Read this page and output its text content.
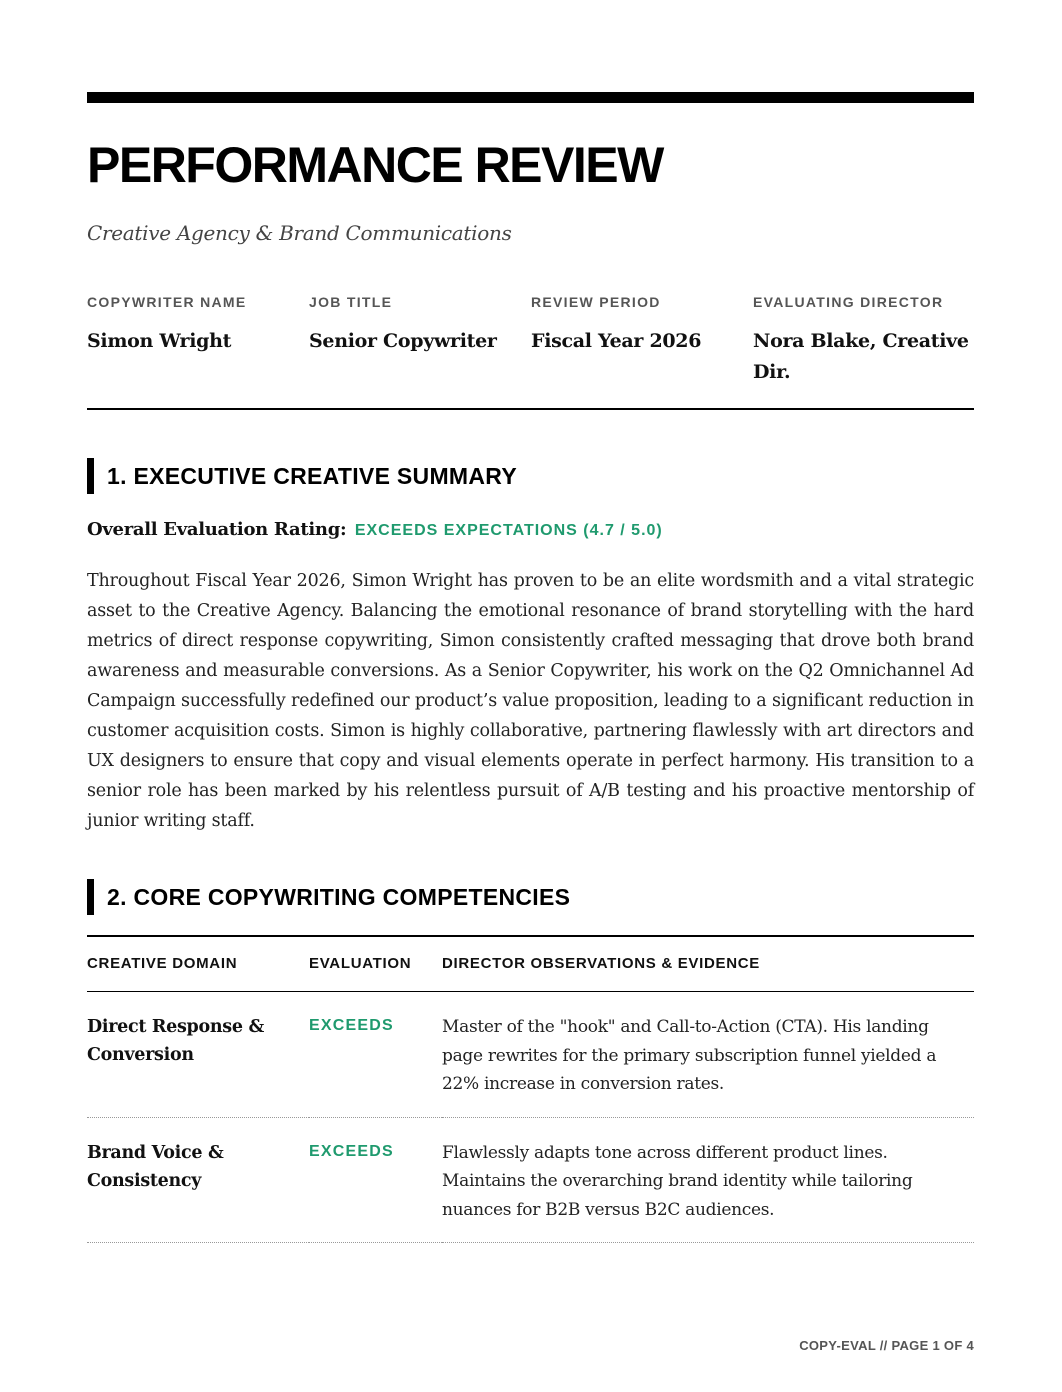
PERFORMANCE REVIEW
Creative Agency & Brand Communications
COPYWRITER NAME
Simon Wright
JOB TITLE
Senior Copywriter
REVIEW PERIOD
Fiscal Year 2026
EVALUATING DIRECTOR
Nora Blake, Creative Dir.
1. EXECUTIVE CREATIVE SUMMARY
Overall Evaluation Rating: EXCEEDS EXPECTATIONS (4.7 / 5.0)

Throughout Fiscal Year 2026, Simon Wright has proven to be an elite wordsmith and a vital strategic asset to the Creative Agency. Balancing the emotional resonance of brand storytelling with the hard metrics of direct response copywriting, Simon consistently crafted messaging that drove both brand awareness and measurable conversions. As a Senior Copywriter, his work on the Q2 Omnichannel Ad Campaign successfully redefined our product’s value proposition, leading to a significant reduction in customer acquisition costs. Simon is highly collaborative, partnering flawlessly with art directors and UX designers to ensure that copy and visual elements operate in perfect harmony. His transition to a senior role has been marked by his relentless pursuit of A/B testing and his proactive mentorship of junior writing staff.

2. CORE COPYWRITING COMPETENCIES
CREATIVE DOMAIN	EVALUATION	DIRECTOR OBSERVATIONS & EVIDENCE
Direct Response & Conversion	EXCEEDS	Master of the "hook" and Call-to-Action (CTA). His landing page rewrites for the primary subscription funnel yielded a 22% increase in conversion rates.
Brand Voice & Consistency	EXCEEDS	Flawlessly adapts tone across different product lines. Maintains the overarching brand identity while tailoring nuances for B2B versus B2C audiences.
COPY-EVAL // PAGE 1 OF 4
